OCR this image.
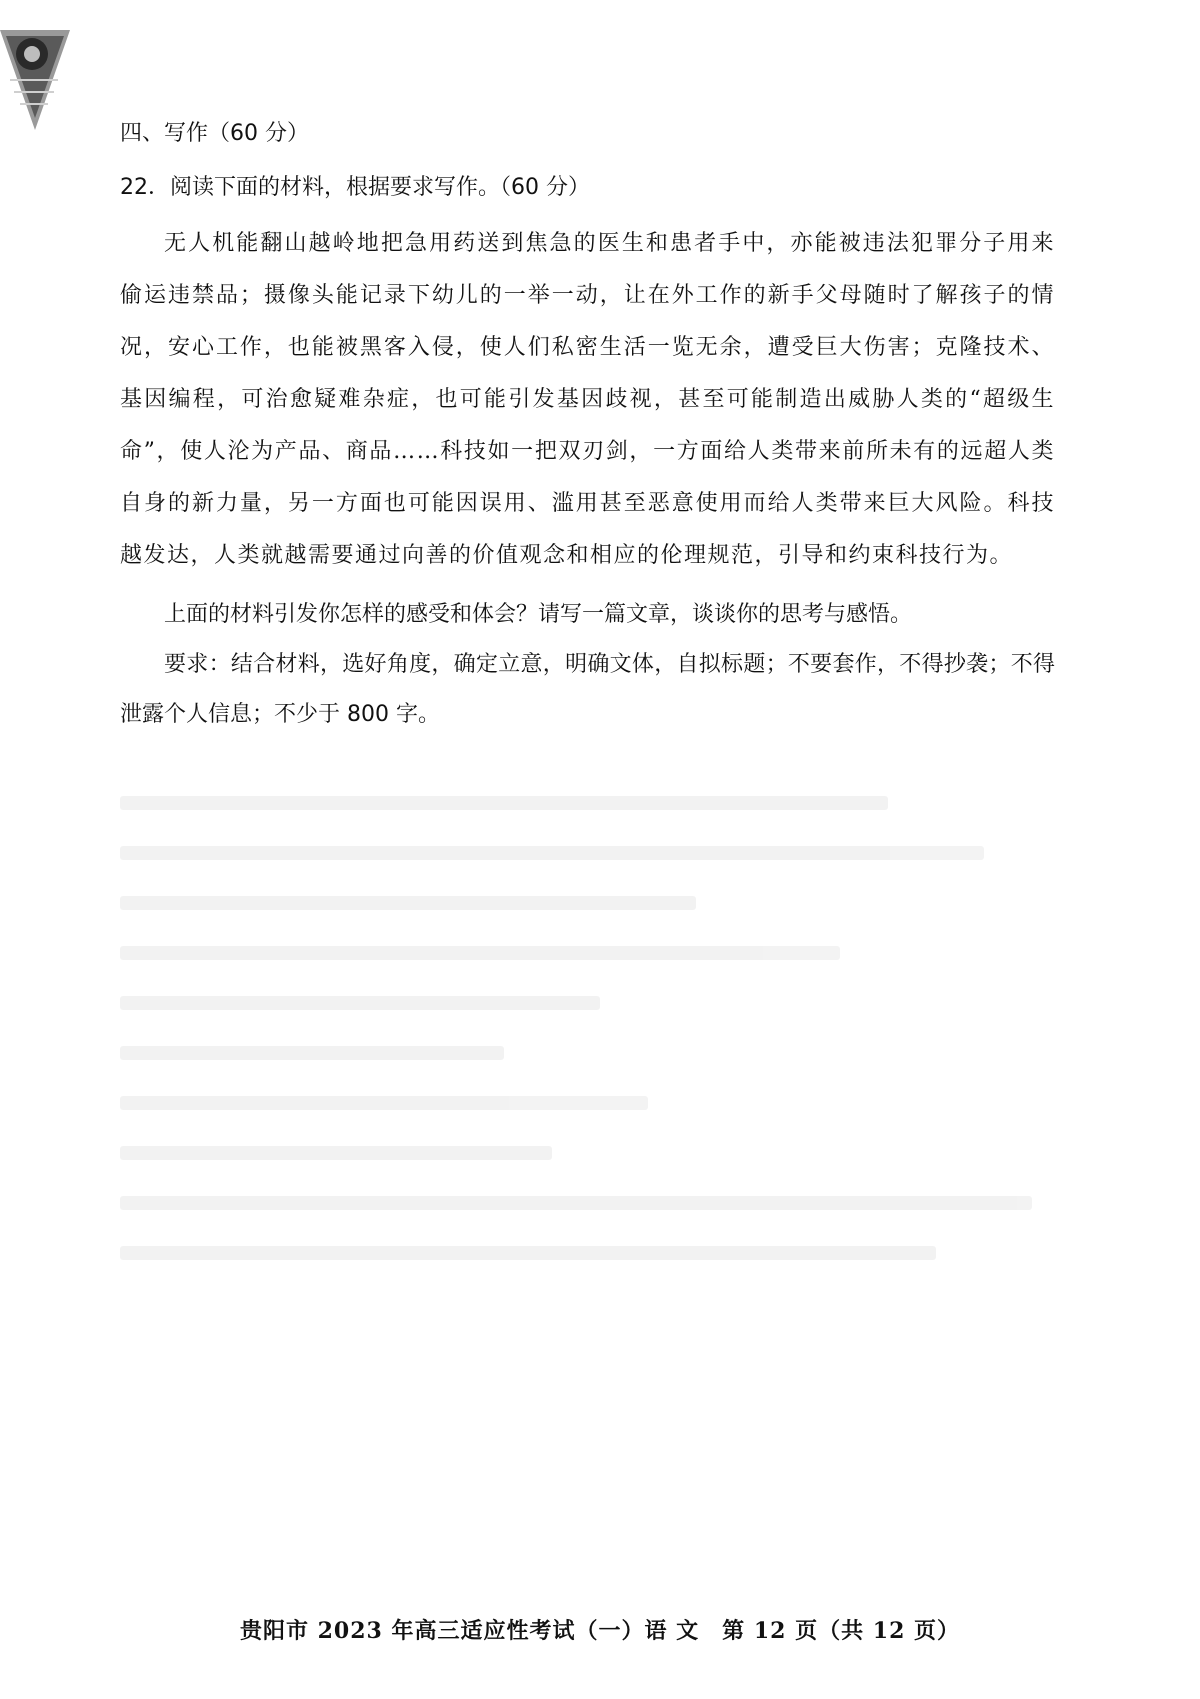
四、写作（60 分）
22．阅读下面的材料，根据要求写作。（60 分）

无人机能翻山越岭地把急用药送到焦急的医生和患者手中，亦能被违法犯罪分子用来偷运违禁品；摄像头能记录下幼儿的一举一动，让在外工作的新手父母随时了解孩子的情况，安心工作，也能被黑客入侵，使人们私密生活一览无余，遭受巨大伤害；克隆技术、基因编程，可治愈疑难杂症，也可能引发基因歧视，甚至可能制造出威胁人类的“超级生命”，使人沦为产品、商品……科技如一把双刃剑，一方面给人类带来前所未有的远超人类自身的新力量，另一方面也可能因误用、滥用甚至恶意使用而给人类带来巨大风险。科技越发达，人类就越需要通过向善的价值观念和相应的伦理规范，引导和约束科技行为。

上面的材料引发你怎样的感受和体会？请写一篇文章，谈谈你的思考与感悟。

要求：结合材料，选好角度，确定立意，明确文体，自拟标题；不要套作，不得抄袭；不得泄露个人信息；不少于 800 字。

贵阳市 2023 年高三适应性考试（一）语 文　第 12 页（共 12 页）
